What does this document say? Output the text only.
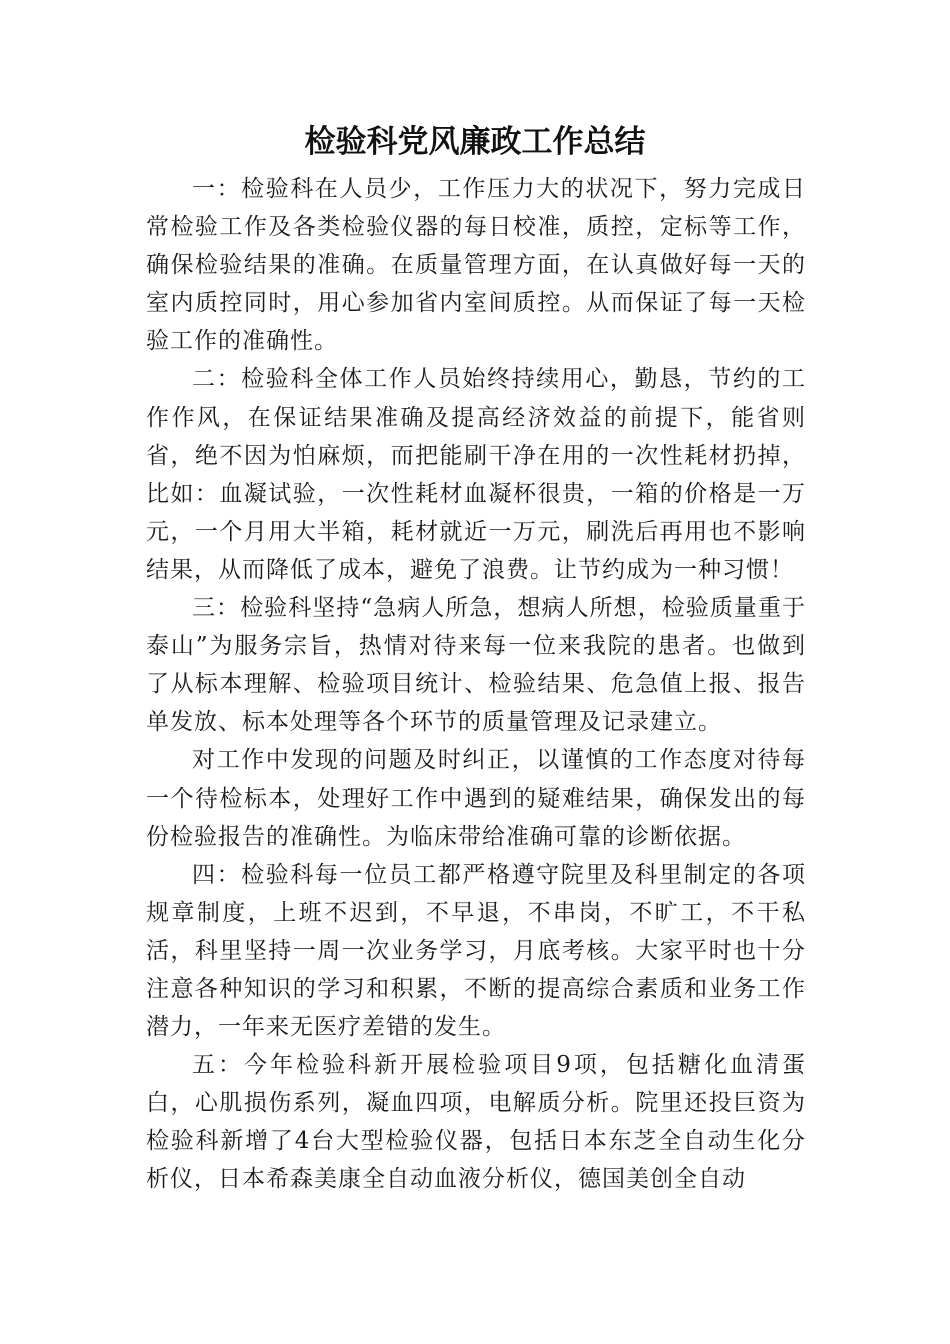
检验科党风廉政工作总结

一：检验科在人员少，工作压力大的状况下，努力完成日常检验工作及各类检验仪器的每日校准，质控，定标等工作，确保检验结果的准确。在质量管理方面，在认真做好每一天的室内质控同时，用心参加省内室间质控。从而保证了每一天检验工作的准确性。

二：检验科全体工作人员始终持续用心，勤恳，节约的工作作风，在保证结果准确及提高经济效益的前提下，能省则省，绝不因为怕麻烦，而把能刷干净在用的一次性耗材扔掉，比如：血凝试验，一次性耗材血凝杯很贵，一箱的价格是一万元，一个月用大半箱，耗材就近一万元，刷洗后再用也不影响结果，从而降低了成本，避免了浪费。让节约成为一种习惯！

三：检验科坚持“急病人所急，想病人所想，检验质量重于泰山”为服务宗旨，热情对待来每一位来我院的患者。也做到了从标本理解、检验项目统计、检验结果、危急值上报、报告单发放、标本处理等各个环节的质量管理及记录建立。

对工作中发现的问题及时纠正，以谨慎的工作态度对待每一个待检标本，处理好工作中遇到的疑难结果，确保发出的每份检验报告的准确性。为临床带给准确可靠的诊断依据。

四：检验科每一位员工都严格遵守院里及科里制定的各项规章制度，上班不迟到，不早退，不串岗，不旷工，不干私活，科里坚持一周一次业务学习，月底考核。大家平时也十分注意各种知识的学习和积累，不断的提高综合素质和业务工作潜力，一年来无医疗差错的发生。

五：今年检验科新开展检验项目9项，包括糖化血清蛋白，心肌损伤系列，凝血四项，电解质分析。院里还投巨资为检验科新增了4台大型检验仪器，包括日本东芝全自动生化分析仪，日本希森美康全自动血液分析仪，德国美创全自动
